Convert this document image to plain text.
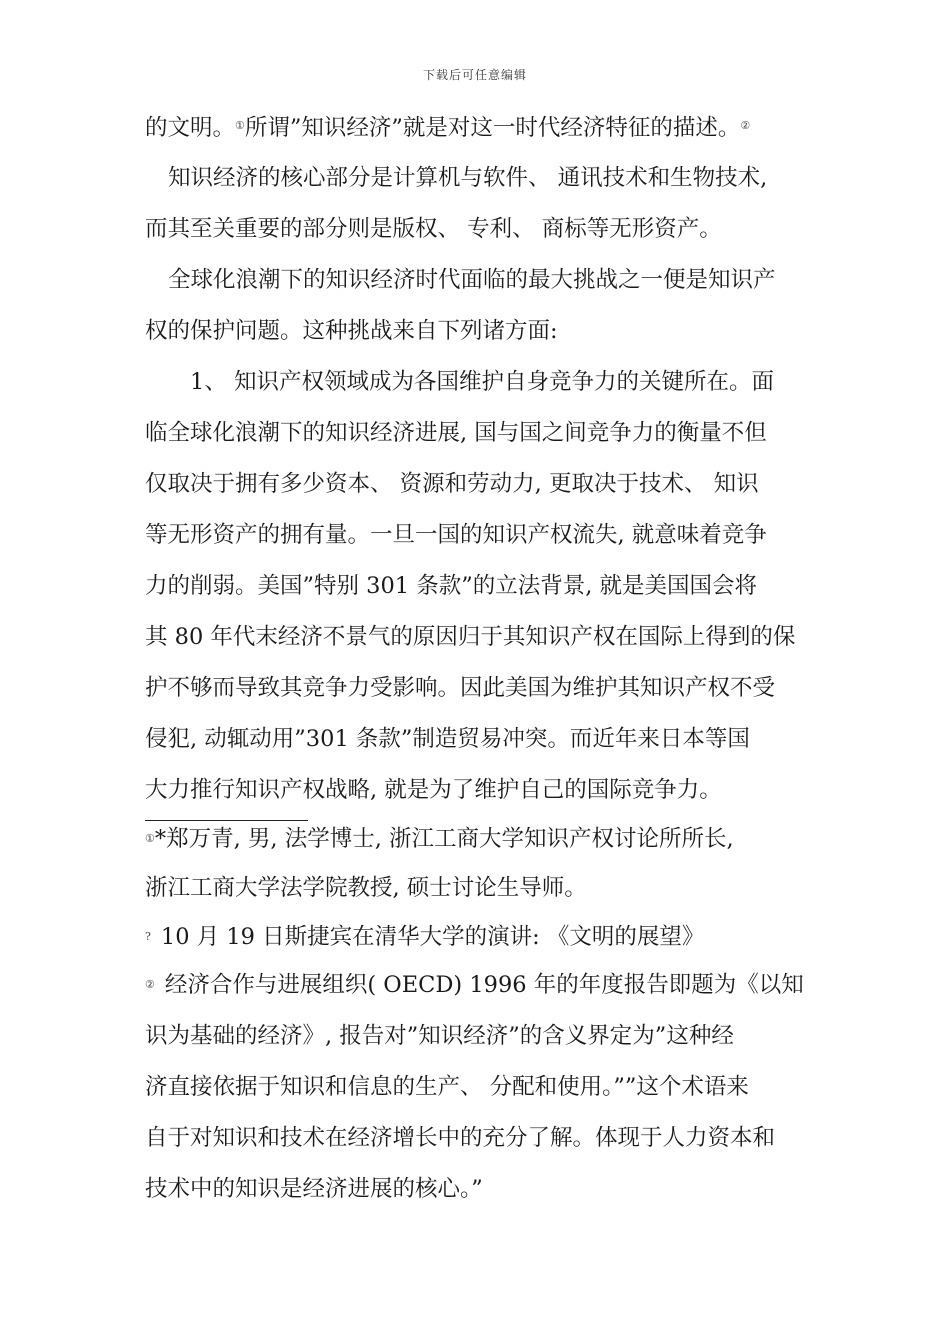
下载后可任意编辑
的文明。①所谓”知识经济”就是对这一时代经济特征的描述。②
知识经济的核心部分是计算机与软件、 通讯技术和生物技术,
而其至关重要的部分则是版权、 专利、 商标等无形资产。
全球化浪潮下的知识经济时代面临的最大挑战之一便是知识产
权的保护问题。这种挑战来自下列诸方面:
1、 知识产权领域成为各国维护自身竞争力的关键所在。面
临全球化浪潮下的知识经济进展, 国与国之间竞争力的衡量不但
仅取决于拥有多少资本、 资源和劳动力, 更取决于技术、 知识
等无形资产的拥有量。一旦一国的知识产权流失, 就意味着竞争
力的削弱。美国”特别 301 条款”的立法背景, 就是美国国会将
其 80 年代末经济不景气的原因归于其知识产权在国际上得到的保
护不够而导致其竞争力受影响。因此美国为维护其知识产权不受
侵犯, 动辄动用”301 条款”制造贸易冲突。而近年来日本等国
大力推行知识产权战略, 就是为了维护自己的国际竞争力。
①*郑万青, 男, 法学博士, 浙江工商大学知识产权讨论所所长,
浙江工商大学法学院教授, 硕士讨论生导师。
? 10 月 19 日斯捷宾在清华大学的演讲: 《文明的展望》
② 经济合作与进展组织( OECD) 1996 年的年度报告即题为《以知
识为基础的经济》, 报告对”知识经济”的含义界定为”这种经
济直接依据于知识和信息的生产、 分配和使用。””这个术语来
自于对知识和技术在经济增长中的充分了解。体现于人力资本和
技术中的知识是经济进展的核心。”
